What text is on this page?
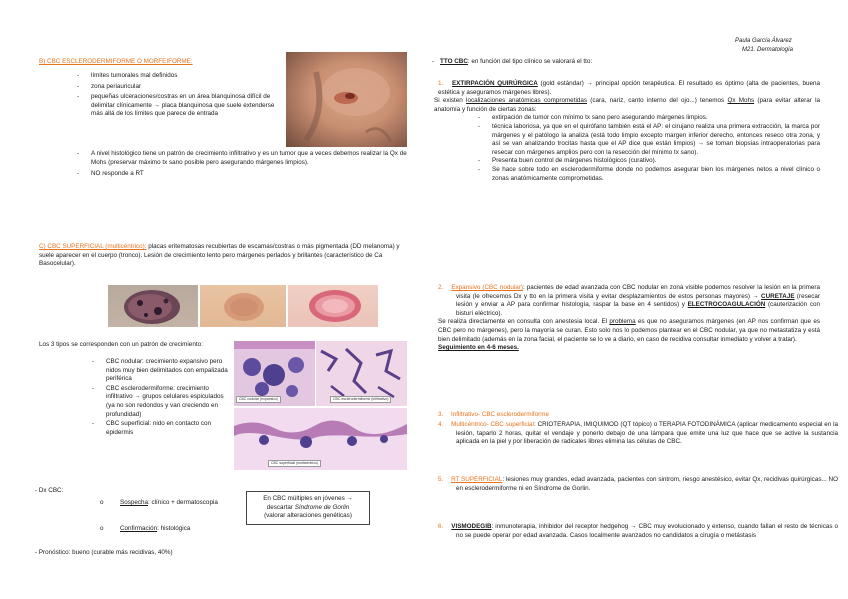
Paula García Álvarez
M21. Dermatología
B) CBC ESCLERODERMIFORME O MORFEIFORME:
- límites tumorales mal definidos
- zona periauricular
- pequeñas ulceraciones/costras en un área blanquinosa difícil de delimitar clínicamente → placa blanquinosa que suele extenderse más allá de los límites que parece de entrada
- A nivel histológico tiene un patrón de crecimiento infiltrativo y es un tumor que a veces debemos realizar la Qx de Mohs (preservar máximo tx sano posible pero asegurando márgenes limpios).
- NO responde a RT
C) CBC SUPERFICIAL (multicéntrico): placas eritematosas recubiertas de escamas/costras o más pigmentada (DD melanoma) y suele aparecer en el cuerpo (tronco). Lesión de crecimiento lento pero márgenes perlados y brillantes (característico de Ca Basocelular).
Los 3 tipos se corresponden con un patrón de crecimiento:
- CBC nodular: crecimiento expansivo pero nidos muy bien delimitados con empalizada periférica
- CBC esclerodermiforme: crecimiento infiltrativo → grupos celulares espiculados (ya no son redondos y van creciendo en profundidad)
- CBC superficial: nido en contacto con epidermis
CBC nodular (expansivo)	CBC esclerodermiforme (infiltrativo)
CBC superficial (multicéntrico)
- Dx CBC:
o	Sospecha: clínico + dermatoscopia
o	Confirmación: histológica
En CBC múltiples en jóvenes →
descartar Síndrome de Gorlin
(valorar alteraciones genéticas)
- Pronóstico: bueno (curable más recidivas, 40%)
- TTO CBC: en función del tipo clínico se valorará el tto:
1. EXTIRPACIÓN QUIRÚRGICA (gold estándar) → principal opción terapéutica. El resultado es óptimo (alta de pacientes, buena estética y aseguramos márgenes libres).
Si existen localizaciones anatómicas comprometidas (cara, nariz, canto interno del ojo...) tenemos Qx Mohs (para evitar alterar la anatomía y función de ciertas zonas:
- extirpación de tumor con mínimo tx sano pero asegurando márgenes limpios.
- técnica laboriosa, ya que en el quirófano también está el AP: el cirujano realiza una primera extracción, la marca por márgenes y el patólogo la analiza (está todo limpio excepto margen inferior derecho, entonces reseco otra zona, y así se van analizando trocitas hasta que el AP dice que están limpios) → se toman biopsias intraoperatorias para resecar con márgenes amplios pero con la resección del mínimo tx sano).
- Presenta buen control de márgenes histológicos (curativo).
- Se hace sobre todo en esclerodermiforme donde no podemos asegurar bien los márgenes netos a nivel clínico o zonas anatómicamente comprometidas.
2. Expansivo (CBC nodular): pacientes de edad avanzada con CBC nodular en zona visible podemos resolver la lesión en la primera visita (le ofrecemos Dx y tto en la primera visita y evitar desplazamientos de estos personas mayores) → CURETAJE (resecar lesión y enviar a AP para confirmar histología, raspar la base en 4 sentidos) y ELECTROCOAGULACIÓN (cauterización con bisturí eléctrico).
Se realiza directamente en consulta con anestesia local. El problema es que no aseguramos márgenes (en AP nos confirman que es CBC pero no márgenes), pero la mayoría se curan. Esto solo nos lo podemos plantear en el CBC nodular, ya que no metastatiza y está bien delimitado (además en la zona facial, el paciente se lo ve a diario, en caso de recidiva consultar inmediato y volver a tratar).
Seguimiento en 4-6 meses.
3. Infiltrativo- CBC esclerodermiforme
4. Multicéntrico- CBC superficial: CRIOTERAPIA, IMIQUIMOD (QT tópico) o TERAPIA FOTODINÁMICA (aplicar medicamento especial en la lesión, taparlo 2 horas, quitar el vendaje y ponerlo debajo de una lámpara que emite una luz que hace que se active la sustancia aplicada en la piel y por liberación de radicales libres elimina las células de CBC.
5. RT SUPERFICIAL: lesiones muy grandes, edad avanzada, pacientes con sintrom, riesgo anestésico, evitar Qx, recidivas quirúrgicas... NO en esclerodermiforme ni en Síndrome de Gorlin.
6. VISMODEGIB: inmunoterapia, inhibidor del receptor hedgehog → CBC muy evolucionado y extenso, cuando fallan el resto de técnicas o no se puede operar por edad avanzada. Casos localmente avanzados no candidatos a cirugía o metástasis
